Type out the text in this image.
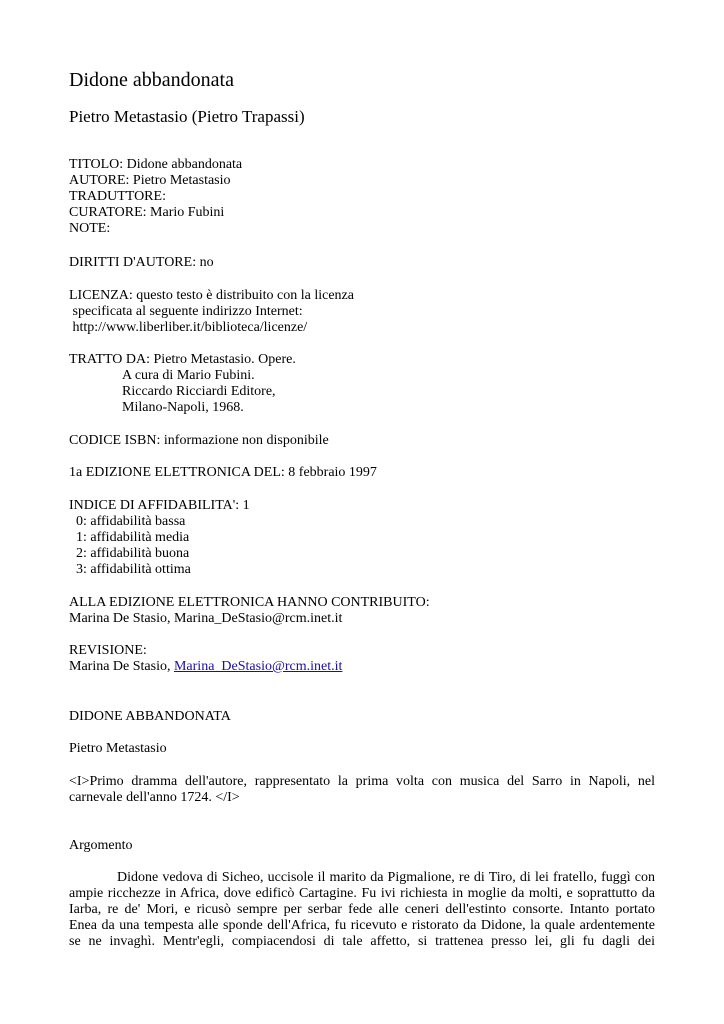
Didone abbandonata
Pietro Metastasio (Pietro Trapassi)
TITOLO: Didone abbandonata
AUTORE: Pietro Metastasio
TRADUTTORE:
CURATORE: Mario Fubini
NOTE:
DIRITTI D'AUTORE: no
LICENZA: questo testo è distribuito con la licenza
specificata al seguente indirizzo Internet:
http://www.liberliber.it/biblioteca/licenze/
TRATTO DA: Pietro Metastasio. Opere.
A cura di Mario Fubini.
Riccardo Ricciardi Editore,
Milano-Napoli, 1968.
CODICE ISBN: informazione non disponibile
1a EDIZIONE ELETTRONICA DEL: 8 febbraio 1997
INDICE DI AFFIDABILITA': 1
0: affidabilità bassa
1: affidabilità media
2: affidabilità buona
3: affidabilità ottima
ALLA EDIZIONE ELETTRONICA HANNO CONTRIBUITO:
Marina De Stasio, Marina_DeStasio@rcm.inet.it
REVISIONE:
Marina De Stasio, Marina_DeStasio@rcm.inet.it
DIDONE ABBANDONATA
Pietro Metastasio
<I>Primo dramma dell'autore, rappresentato la prima volta con musica del Sarro in Napoli, nel
carnevale dell'anno 1724. </I>
Argomento
Didone vedova di Sicheo, uccisole il marito da Pigmalione, re di Tiro, di lei fratello, fuggì con
ampie ricchezze in Africa, dove edificò Cartagine. Fu ivi richiesta in moglie da molti, e soprattutto da
Iarba, re de' Mori, e ricusò sempre per serbar fede alle ceneri dell'estinto consorte. Intanto portato
Enea da una tempesta alle sponde dell'Africa, fu ricevuto e ristorato da Didone, la quale ardentemente
se ne invaghì. Mentr'egli, compiacendosi di tale affetto, si trattenea presso lei, gli fu dagli dei
